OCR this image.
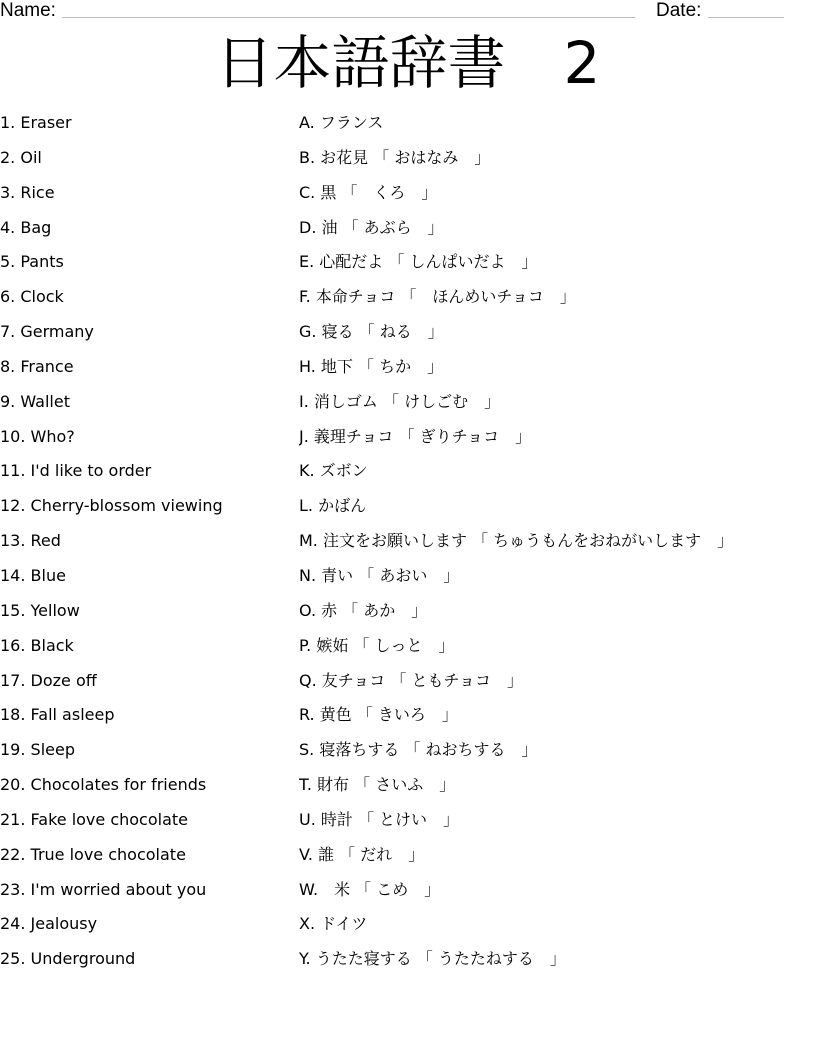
Name:	Date:
日本語辞書　2
1. Eraser
2. Oil
3. Rice
4. Bag
5. Pants
6. Clock
7. Germany
8. France
9. Wallet
10. Who?
11. I'd like to order
12. Cherry-blossom viewing
13. Red
14. Blue
15. Yellow
16. Black
17. Doze off
18. Fall asleep
19. Sleep
20. Chocolates for friends
21. Fake love chocolate
22. True love chocolate
23. I'm worried about you
24. Jealousy
25. Underground
A. フランス
B. お花見 「 おはなみ　」
C. 黒 「　くろ　」
D. 油 「 あぶら　」
E. 心配だよ 「 しんぱいだよ　」
F. 本命チョコ 「　ほんめいチョコ　」
G. 寝る 「 ねる　」
H. 地下 「 ちか　」
I. 消しゴム 「 けしごむ　」
J. 義理チョコ 「 ぎりチョコ　」
K. ズボン
L. かばん
M. 注文をお願いします 「 ちゅうもんをおねがいします　」
N. 青い 「 あおい　」
O. 赤 「 あか　」
P. 嫉妬 「 しっと　」
Q. 友チョコ 「 ともチョコ　」
R. 黄色 「 きいろ　」
S. 寝落ちする 「 ねおちする　」
T. 財布 「 さいふ　」
U. 時計 「 とけい　」
V. 誰 「 だれ　」
W.　米 「 こめ　」
X. ドイツ
Y. うたた寝する 「 うたたねする　」
